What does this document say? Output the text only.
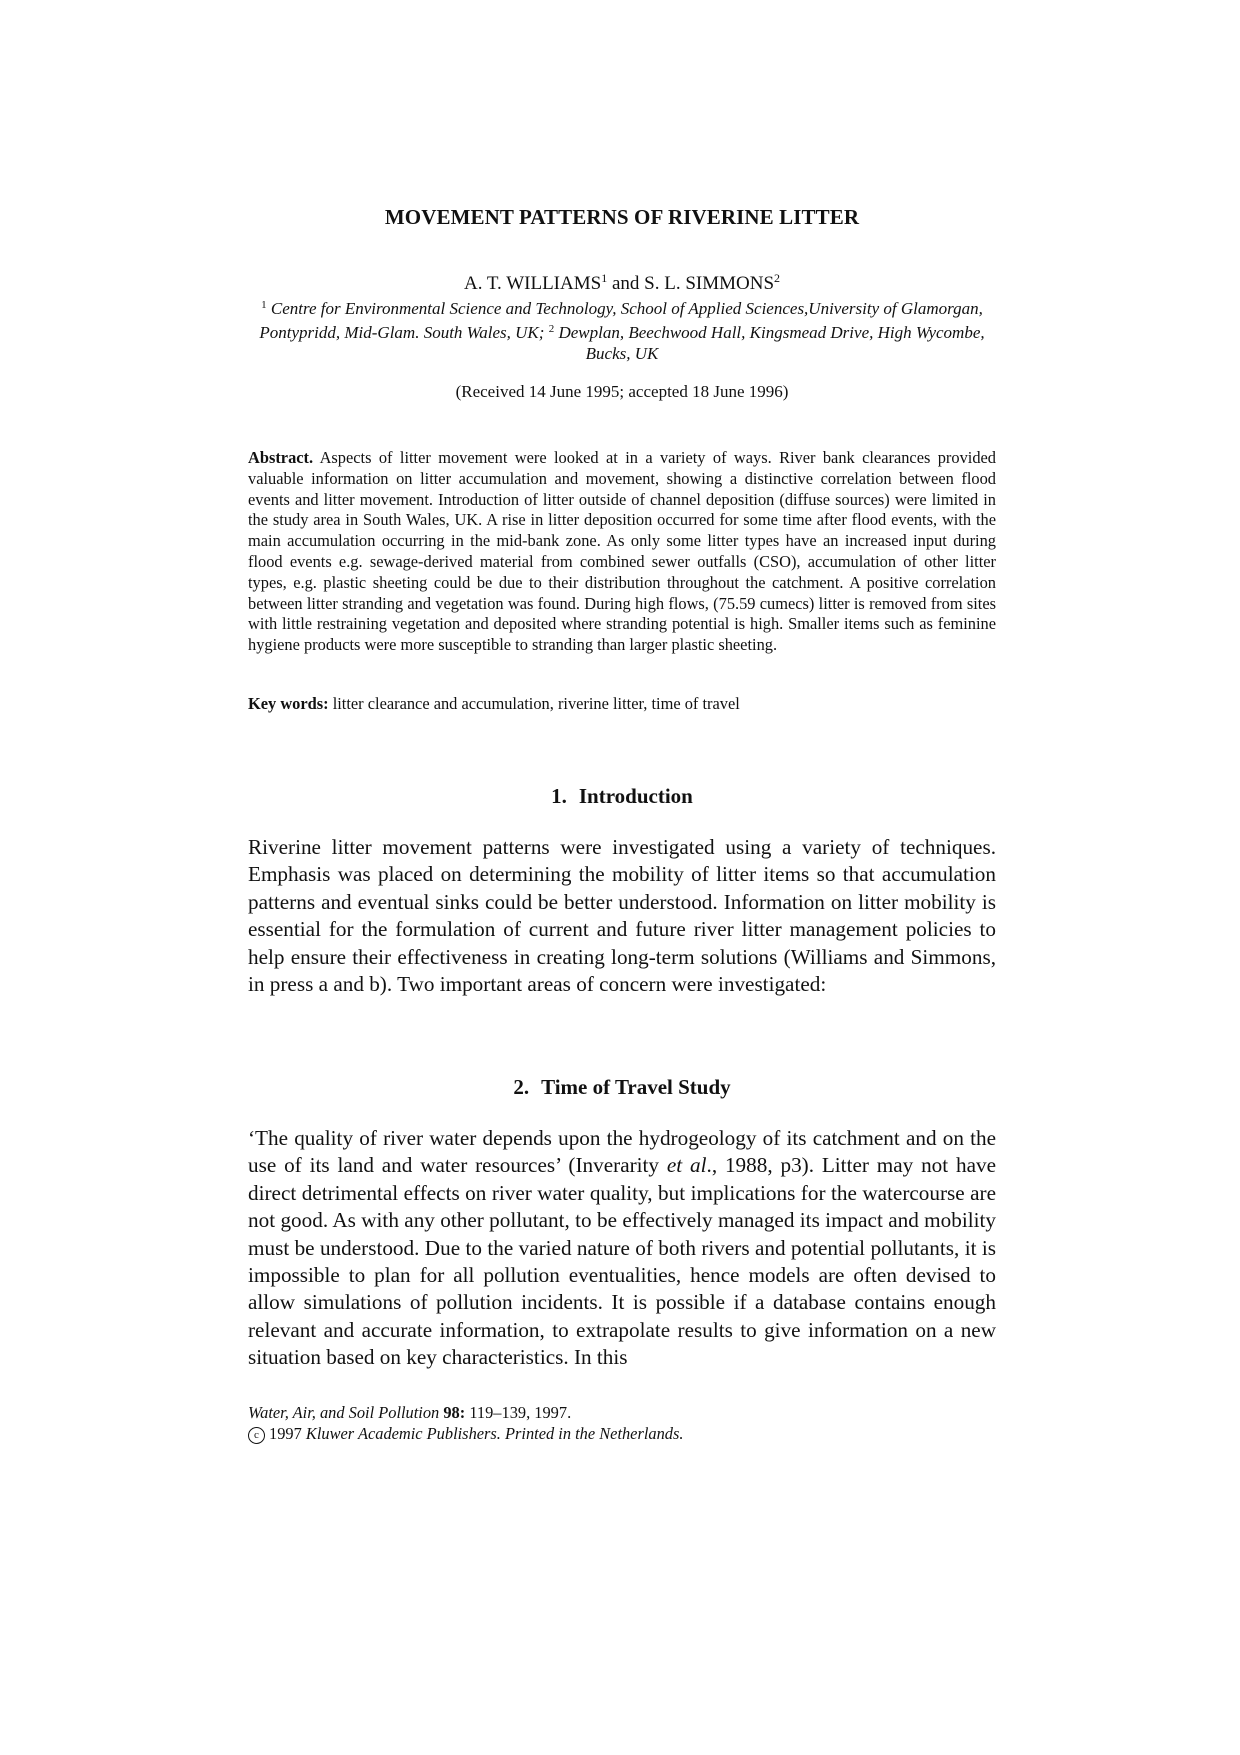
MOVEMENT PATTERNS OF RIVERINE LITTER
A. T. WILLIAMS$^1$ and S. L. SIMMONS$^2$
$^1$ Centre for Environmental Science and Technology, School of Applied Sciences,University of Glamorgan, Pontypridd, Mid-Glam. South Wales, UK; $^2$ Dewplan, Beechwood Hall, Kingsmead Drive, High Wycombe, Bucks, UK
(Received 14 June 1995; accepted 18 June 1996)
Abstract. Aspects of litter movement were looked at in a variety of ways. River bank clearances provided valuable information on litter accumulation and movement, showing a distinctive correlation between flood events and litter movement. Introduction of litter outside of channel deposition (diffuse sources) were limited in the study area in South Wales, UK. A rise in litter deposition occurred for some time after flood events, with the main accumulation occurring in the mid-bank zone. As only some litter types have an increased input during flood events e.g. sewage-derived material from combined sewer outfalls (CSO), accumulation of other litter types, e.g. plastic sheeting could be due to their distribution throughout the catchment. A positive correlation between litter stranding and vegetation was found. During high flows, (75.59 cumecs) litter is removed from sites with little restraining vegetation and deposited where stranding potential is high. Smaller items such as feminine hygiene products were more susceptible to stranding than larger plastic sheeting.
Key words: litter clearance and accumulation, riverine litter, time of travel
1. Introduction
Riverine litter movement patterns were investigated using a variety of techniques. Emphasis was placed on determining the mobility of litter items so that accumulation patterns and eventual sinks could be better understood. Information on litter mobility is essential for the formulation of current and future river litter management policies to help ensure their effectiveness in creating long-term solutions (Williams and Simmons, in press a and b). Two important areas of concern were investigated:
2. Time of Travel Study
‘The quality of river water depends upon the hydrogeology of its catchment and on the use of its land and water resources’ (Inverarity et al., 1988, p3). Litter may not have direct detrimental effects on river water quality, but implications for the watercourse are not good. As with any other pollutant, to be effectively managed its impact and mobility must be understood. Due to the varied nature of both rivers and potential pollutants, it is impossible to plan for all pollution eventualities, hence models are often devised to allow simulations of pollution incidents. It is possible if a database contains enough relevant and accurate information, to extrapolate results to give information on a new situation based on key characteristics. In this
Water, Air, and Soil Pollution 98: 119–139, 1997.
c 1997 Kluwer Academic Publishers. Printed in the Netherlands.
